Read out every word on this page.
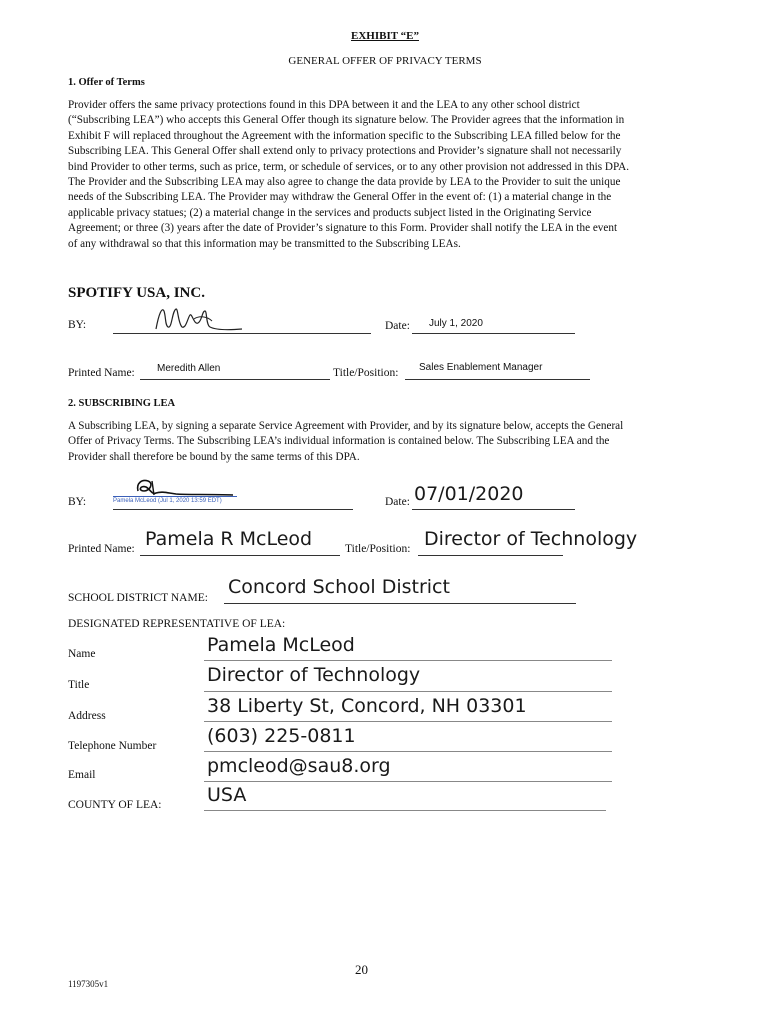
EXHIBIT “E”
GENERAL OFFER OF PRIVACY TERMS
1. Offer of Terms
Provider offers the same privacy protections found in this DPA between it and the LEA to any other school district
(“Subscribing LEA”) who accepts this General Offer though its signature below. The Provider agrees that the information in
Exhibit F will replaced throughout the Agreement with the information specific to the Subscribing LEA filled below for the
Subscribing LEA. This General Offer shall extend only to privacy protections and Provider’s signature shall not necessarily
bind Provider to other terms, such as price, term, or schedule of services, or to any other provision not addressed in this DPA.
The Provider and the Subscribing LEA may also agree to change the data provide by LEA to the Provider to suit the unique
needs of the Subscribing LEA. The Provider may withdraw the General Offer in the event of: (1) a material change in the
applicable privacy statues; (2) a material change in the services and products subject listed in the Originating Service
Agreement; or three (3) years after the date of Provider’s signature to this Form. Provider shall notify the LEA in the event
of any withdrawal so that this information may be transmitted to the Subscribing LEAs.
SPOTIFY USA, INC.
BY:	Date: July 1, 2020
Printed Name: Meredith Allen	Title/Position: Sales Enablement Manager
2. SUBSCRIBING LEA
A Subscribing LEA, by signing a separate Service Agreement with Provider, and by its signature below, accepts the General
Offer of Privacy Terms. The Subscribing LEA’s individual information is contained below. The Subscribing LEA and the
Provider shall therefore be bound by the same terms of this DPA.
BY:	Pamela McLeod (Jul 1, 2020 13:59 EDT)	Date: 07/01/2020
Printed Name: Pamela R McLeod	Title/Position: Director of Technology
SCHOOL DISTRICT NAME: Concord School District
DESIGNATED REPRESENTATIVE OF LEA:
Name	Pamela McLeod
Title	Director of Technology
Address	38 Liberty St, Concord, NH 03301
Telephone Number	(603) 225-0811
Email	pmcleod@sau8.org
COUNTY OF LEA: USA
20
1197305v1
